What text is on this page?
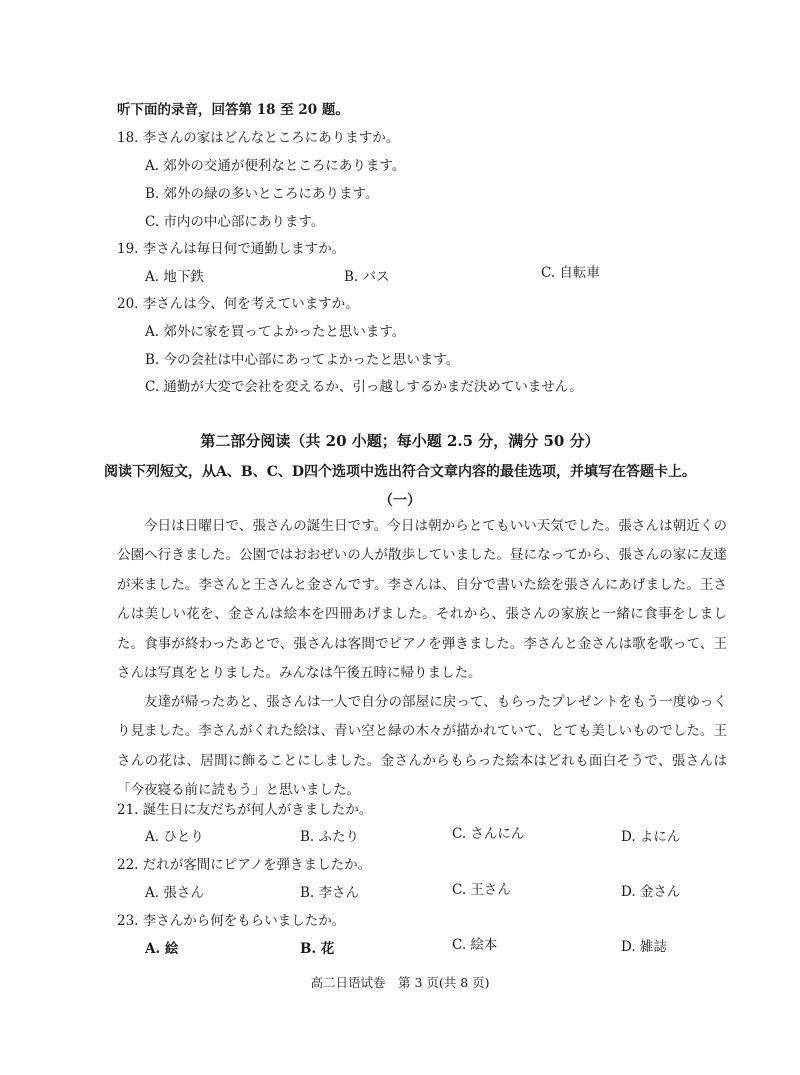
听下面的录音，回答第 18 至 20 题。
18. 李さんの家はどんなところにありますか。
A. 郊外の交通が便利なところにあります。
B. 郊外の緑の多いところにあります。
C. 市内の中心部にあります。
19. 李さんは毎日何で通勤しますか。
A. 地下鉄	B. バス	C. 自転車
20. 李さんは今、何を考えていますか。
A. 郊外に家を買ってよかったと思います。
B. 今の会社は中心部にあってよかったと思います。
C. 通勤が大変で会社を変えるか、引っ越しするかまだ決めていません。
第二部分阅读（共 20 小题；每小题 2.5 分，满分 50 分）
阅读下列短文，从A、B、C、D四个选项中选出符合文章内容的最佳选项，并填写在答题卡上。
（一）
今日は日曜日で、張さんの誕生日です。今日は朝からとてもいい天気でした。張さんは朝近くの公園へ行きました。公園ではおおぜいの人が散歩していました。昼になってから、張さんの家に友達が来ました。李さんと王さんと金さんです。李さんは、自分で書いた絵を張さんにあげました。王さんは美しい花を、金さんは絵本を四冊あげました。それから、張さんの家族と一緒に食事をしました。食事が終わったあとで、張さんは客間でピアノを弾きました。李さんと金さんは歌を歌って、王さんは写真をとりました。みんなは午後五時に帰りました。
友達が帰ったあと、張さんは一人で自分の部屋に戻って、もらったプレゼントをもう一度ゆっくり見ました。李さんがくれた絵は、青い空と緑の木々が描かれていて、とても美しいものでした。王さんの花は、居間に飾ることにしました。金さんからもらった絵本はどれも面白そうで、張さんは「今夜寝る前に読もう」と思いました。
21. 誕生日に友だちが何人がきましたか。
A. ひとり	B. ふたり	C. さんにん	D. よにん
22. だれが客間にピアノを弾きましたか。
A. 張さん	B. 李さん	C. 王さん	D. 金さん
23. 李さんから何をもらいましたか。
A. 絵	B. 花	C. 絵本	D. 雑誌
高二日语试卷　第 3 页(共 8 页)
